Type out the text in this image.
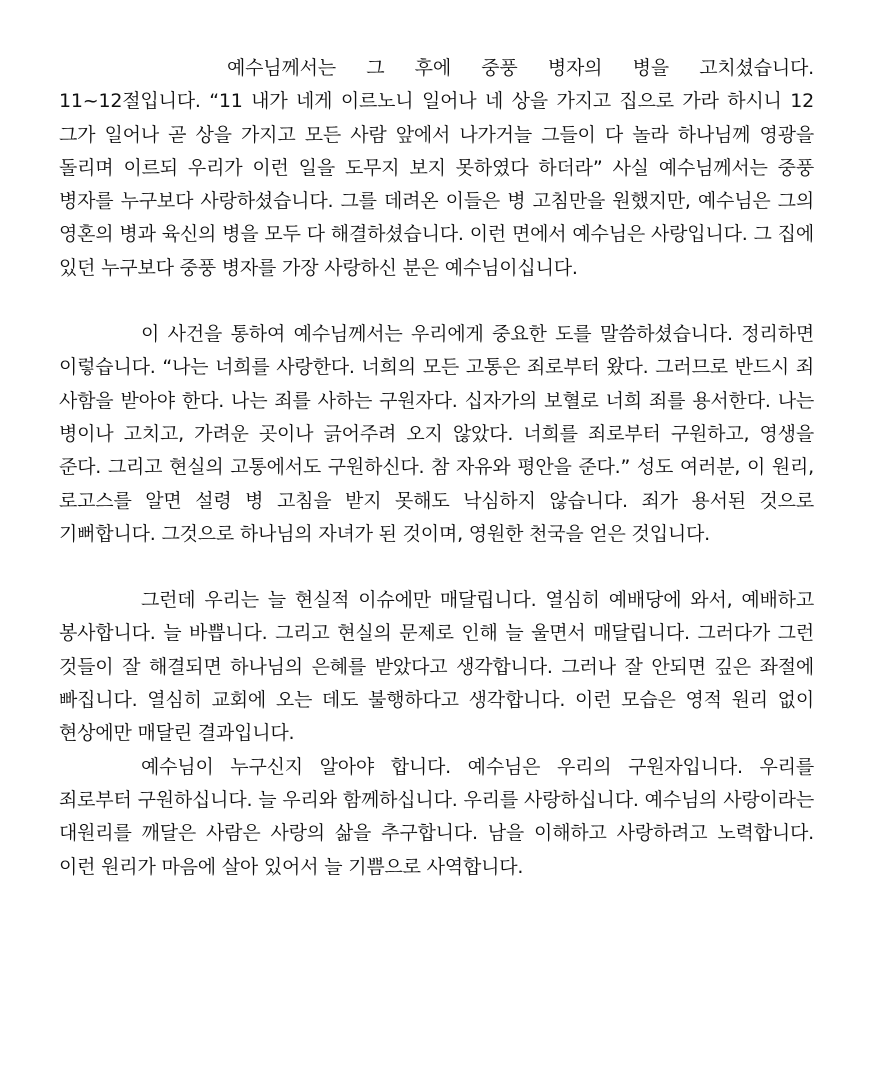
예수님께서는 그 후에 중풍 병자의 병을 고치셨습니다. 11~12절입니다. “11 내가 네게 이르노니 일어나 네 상을 가지고 집으로 가라 하시니 12 그가 일어나 곧 상을 가지고 모든 사람 앞에서 나가거늘 그들이 다 놀라 하나님께 영광을 돌리며 이르되 우리가 이런 일을 도무지 보지 못하였다 하더라” 사실 예수님께서는 중풍 병자를 누구보다 사랑하셨습니다. 그를 데려온 이들은 병 고침만을 원했지만, 예수님은 그의 영혼의 병과 육신의 병을 모두 다 해결하셨습니다. 이런 면에서 예수님은 사랑입니다. 그 집에 있던 누구보다 중풍 병자를 가장 사랑하신 분은 예수님이십니다.

이 사건을 통하여 예수님께서는 우리에게 중요한 도를 말씀하셨습니다. 정리하면 이렇습니다. “나는 너희를 사랑한다. 너희의 모든 고통은 죄로부터 왔다. 그러므로 반드시 죄 사함을 받아야 한다. 나는 죄를 사하는 구원자다. 십자가의 보혈로 너희 죄를 용서한다. 나는 병이나 고치고, 가려운 곳이나 긁어주려 오지 않았다. 너희를 죄로부터 구원하고, 영생을 준다. 그리고 현실의 고통에서도 구원하신다. 참 자유와 평안을 준다.” 성도 여러분, 이 원리, 로고스를 알면 설령 병 고침을 받지 못해도 낙심하지 않습니다. 죄가 용서된 것으로 기뻐합니다. 그것으로 하나님의 자녀가 된 것이며, 영원한 천국을 얻은 것입니다.

그런데 우리는 늘 현실적 이슈에만 매달립니다. 열심히 예배당에 와서, 예배하고 봉사합니다. 늘 바쁩니다. 그리고 현실의 문제로 인해 늘 울면서 매달립니다. 그러다가 그런 것들이 잘 해결되면 하나님의 은혜를 받았다고 생각합니다. 그러나 잘 안되면 깊은 좌절에 빠집니다. 열심히 교회에 오는 데도 불행하다고 생각합니다. 이런 모습은 영적 원리 없이 현상에만 매달린 결과입니다.

예수님이 누구신지 알아야 합니다. 예수님은 우리의 구원자입니다. 우리를 죄로부터 구원하십니다. 늘 우리와 함께하십니다. 우리를 사랑하십니다. 예수님의 사랑이라는 대원리를 깨달은 사람은 사랑의 삶을 추구합니다. 남을 이해하고 사랑하려고 노력합니다. 이런 원리가 마음에 살아 있어서 늘 기쁨으로 사역합니다.
